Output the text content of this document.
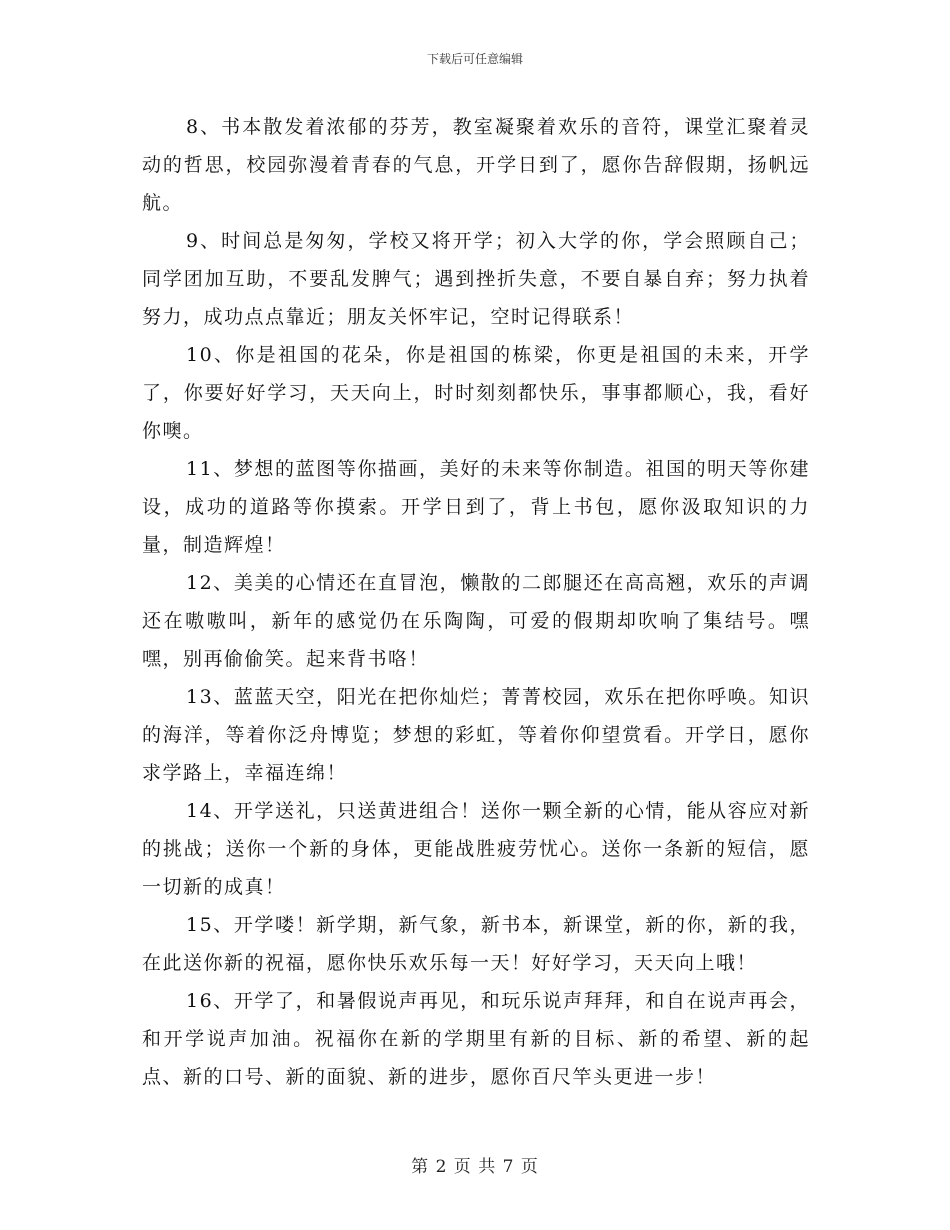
下载后可任意编辑

8、书本散发着浓郁的芬芳，教室凝聚着欢乐的音符，课堂汇聚着灵动的哲思，校园弥漫着青春的气息，开学日到了，愿你告辞假期，扬帆远航。

9、时间总是匆匆，学校又将开学；初入大学的你，学会照顾自己；同学团加互助，不要乱发脾气；遇到挫折失意，不要自暴自弃；努力执着努力，成功点点靠近；朋友关怀牢记，空时记得联系！

10、你是祖国的花朵，你是祖国的栋梁，你更是祖国的未来，开学了，你要好好学习，天天向上，时时刻刻都快乐，事事都顺心，我，看好你噢。

11、梦想的蓝图等你描画，美好的未来等你制造。祖国的明天等你建设，成功的道路等你摸索。开学日到了，背上书包，愿你汲取知识的力量，制造辉煌！

12、美美的心情还在直冒泡，懒散的二郎腿还在高高翘，欢乐的声调还在嗷嗷叫，新年的感觉仍在乐陶陶，可爱的假期却吹响了集结号。嘿嘿，别再偷偷笑。起来背书咯！

13、蓝蓝天空，阳光在把你灿烂；菁菁校园，欢乐在把你呼唤。知识的海洋，等着你泛舟博览；梦想的彩虹，等着你仰望赏看。开学日，愿你求学路上，幸福连绵！

14、开学送礼，只送黄进组合！送你一颗全新的心情，能从容应对新的挑战；送你一个新的身体，更能战胜疲劳忧心。送你一条新的短信，愿一切新的成真！

15、开学喽！新学期，新气象，新书本，新课堂，新的你，新的我，在此送你新的祝福，愿你快乐欢乐每一天！好好学习，天天向上哦！

16、开学了，和暑假说声再见，和玩乐说声拜拜，和自在说声再会，和开学说声加油。祝福你在新的学期里有新的目标、新的希望、新的起点、新的口号、新的面貌、新的进步，愿你百尺竿头更进一步！

第 2 页 共 7 页
